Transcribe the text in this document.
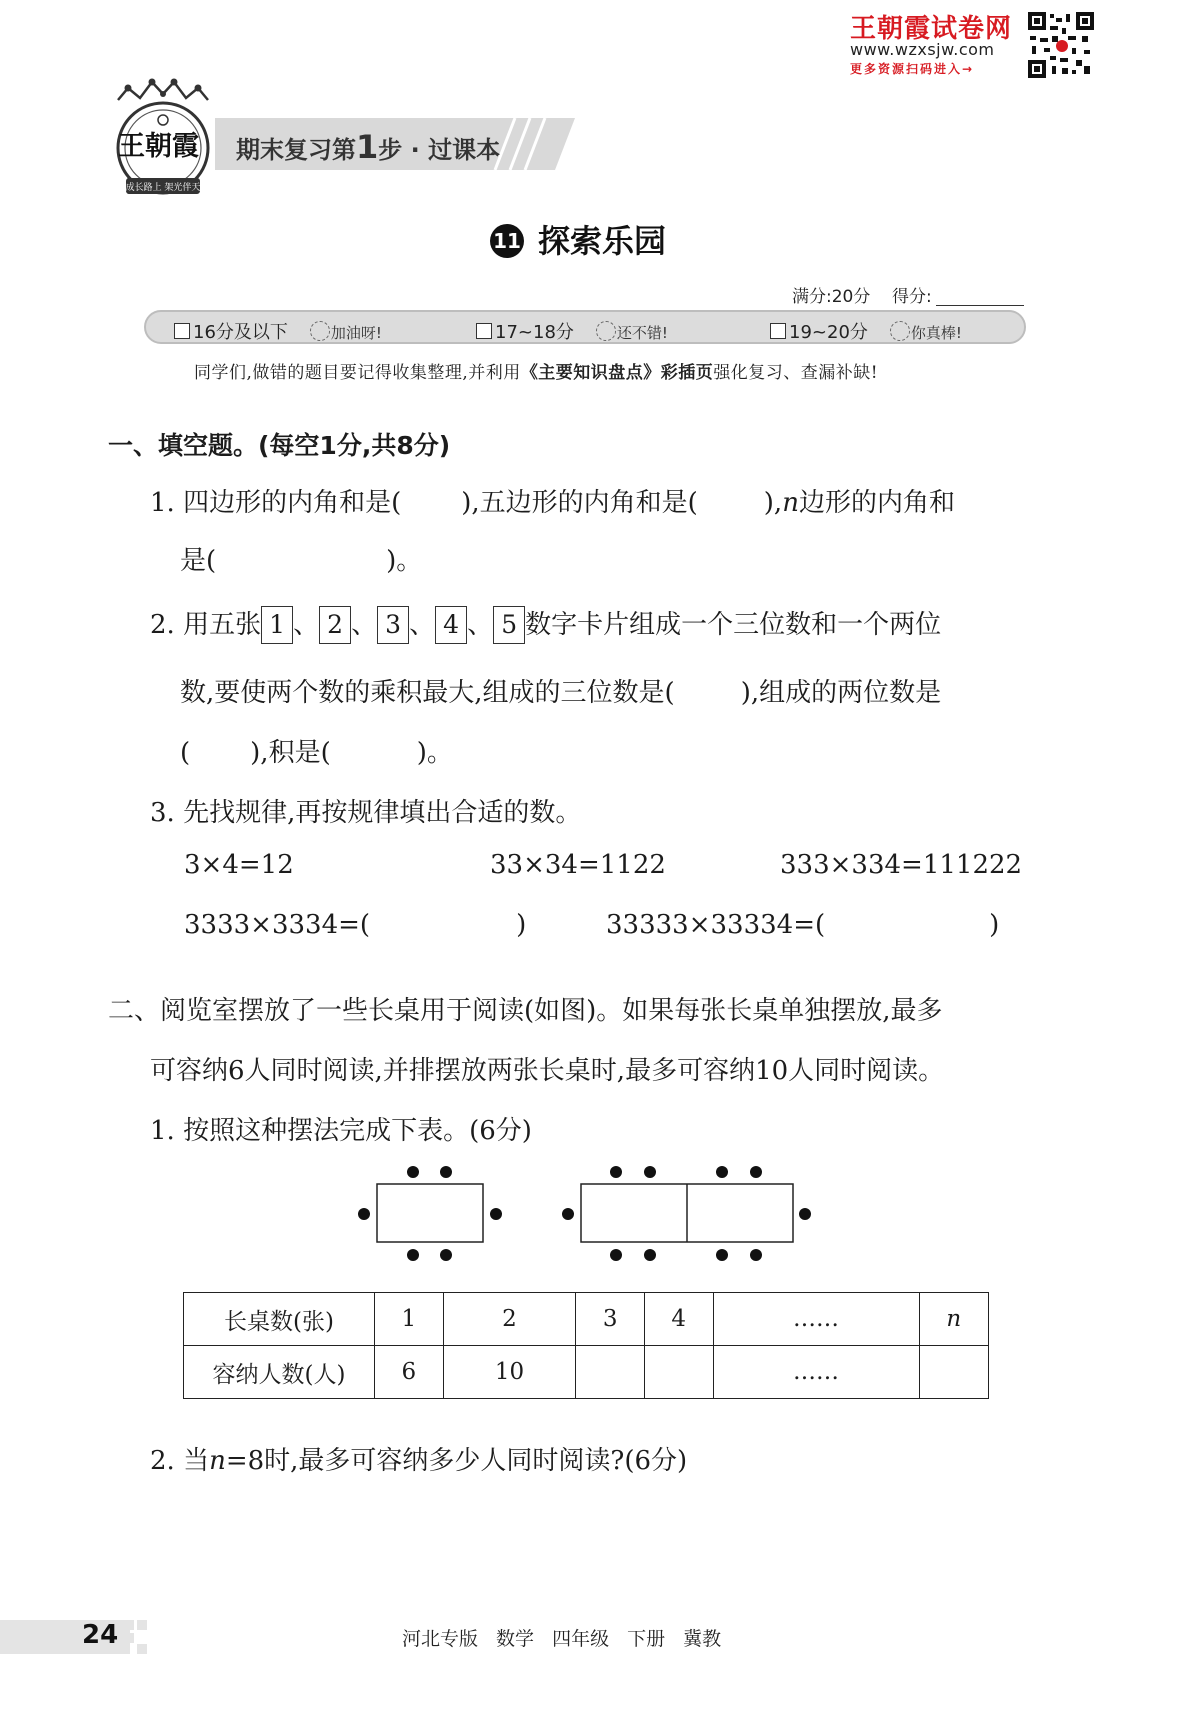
王朝霞试卷网
www.wzxsjw.com
更多资源扫码进入→
成长路上 架光伴天
王朝霞 期末复习第1步 · 过课本
11 探索乐园
满分:20分 得分:
16分及以下	加油呀!	17~18分	还不错!	19~20分	你真棒!
同学们,做错的题目要记得收集整理,并利用《主要知识盘点》彩插页强化复习、查漏补缺!
一、填空题。(每空1分,共8分)
1. 四边形的内角和是( ),五边形的内角和是(	),n边形的内角和
是(	)。
2. 用五张 1 、 2 、 3 、 4 、 5 数字卡片组成一个三位数和一个两位
数,要使两个数的乘积最大,组成的三位数是(	),组成的两位数是
( ),积是(	)。
3. 先找规律,再按规律填出合适的数。
3×4=12	33×34=1122	333×334=111222
3333×3334=(	)	33333×33334=(	)
二、阅览室摆放了一些长桌用于阅读(如图)。如果每张长桌单独摆放,最多
可容纳6人同时阅读,并排摆放两张长桌时,最多可容纳10人同时阅读。
1. 按照这种摆法完成下表。(6分)
长桌数(张)	1	2	3	4	……	n
容纳人数(人)	6	10			……	
2. 当n=8时,最多可容纳多少人同时阅读?(6分)
24	河北专版 数学 四年级 下册 冀教
